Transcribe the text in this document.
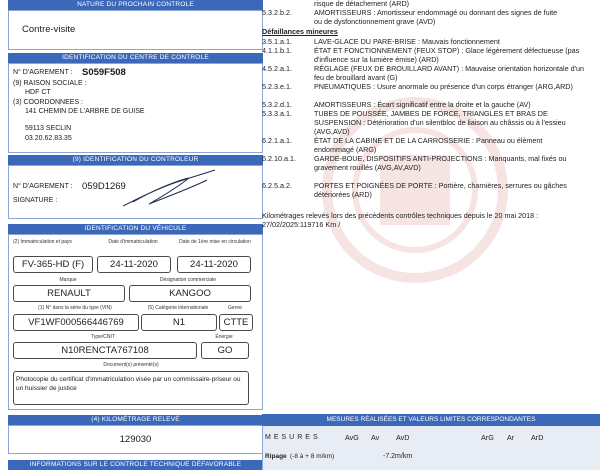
NATURE DU PROCHAIN CONTROLE
Contre-visite
IDENTIFICATION DU CENTRE DE CONTROLE
N° D'AGREMENT : S059F508
(9) RAISON SOCIALE :
HDF CT
(3) COORDONNEES :
141 CHEMIN DE L'ARBRE DE GUISE
59113 SECLIN
03.20.62.83.35
(9) IDENTIFICATION DU CONTROLEUR
N° D'AGREMENT : 059D1269
SIGNATURE :
IDENTIFICATION DU VÉHICULE
(2) Immatriculation et pays	Date d'immatriculation	Date de 1ère mise en circulation
FV-365-HD (F)	24-11-2020	24-11-2020
Marque	Désignation commerciale
RENAULT	KANGOO
(1) N° dans la série du type (VIN)	(5) Catégorie internationale	Genre
VF1WF000566446769	N1	CTTE
Type/CNIT	Énergie
N10RENCTA767108	GO
Document(s) présenté(s)
Photocopie du certificat d'immatriculation visée par un commissaire-priseur ou un huissier de justice
(4) KILOMÉTRAGE RELEVÉ
129030
INFORMATIONS SUR LE CONTROLE TECHNIQUE DÉFAVORABLE
risque de détachement (ARD)
5.3.2.b.2.	AMORTISSEURS : Amortisseur endommagé ou donnant des signes de fuite
ou de dysfonctionnement grave (AVD)
Défaillances mineures
3.5.1.a.1.	LAVE-GLACE DU PARE-BRISE : Mauvais fonctionnement
4.1.1.b.1.	ÉTAT ET FONCTIONNEMENT (FEUX STOP) : Glace légèrement défectueuse (pas d'influence sur la lumière émise) (ARD)
4.5.2.a.1.	RÉGLAGE (FEUX DE BROUILLARD AVANT) : Mauvaise orientation horizontale d'un feu de brouillard avant (G)
5.2.3.e.1.	PNEUMATIQUES : Usure anormale ou présence d'un corps étranger (ARG,ARD)
5.3.2.d.1.	AMORTISSEURS : Écart significatif entre la droite et la gauche (AV)
5.3.3.a.1.	TUBES DE POUSSÉE, JAMBES DE FORCE, TRIANGLES ET BRAS DE SUSPENSION : Détérioration d'un silentbloc de liaison au châssis ou à l'essieu (AVG,AVD)
6.2.1.a.1.	ÉTAT DE LA CABINE ET DE LA CARROSSERIE : Panneau ou élément endommagé (ARG)
6.2.10.a.1.	GARDE-BOUE, DISPOSITIFS ANTI-PROJECTIONS : Manquants, mal fixés ou gravement rouillés (AVG,AV,AVD)
6.2.5.a.2.	PORTES ET POIGNÉES DE PORTE : Portière, charnières, serrures ou gâches détériorées (ARD)
Kilométrages relevés lors des précédents contrôles techniques depuis le 20 mai 2018 : 27/02/2025:119716 Km /
MESURES RÉALISÉES ET VALEURS LIMITES CORRESPONDANTES
MESURES	AvG Av AvD	ArG Ar ArD
Ripage (-8 à + 8 m/km)	-7.2m/km
